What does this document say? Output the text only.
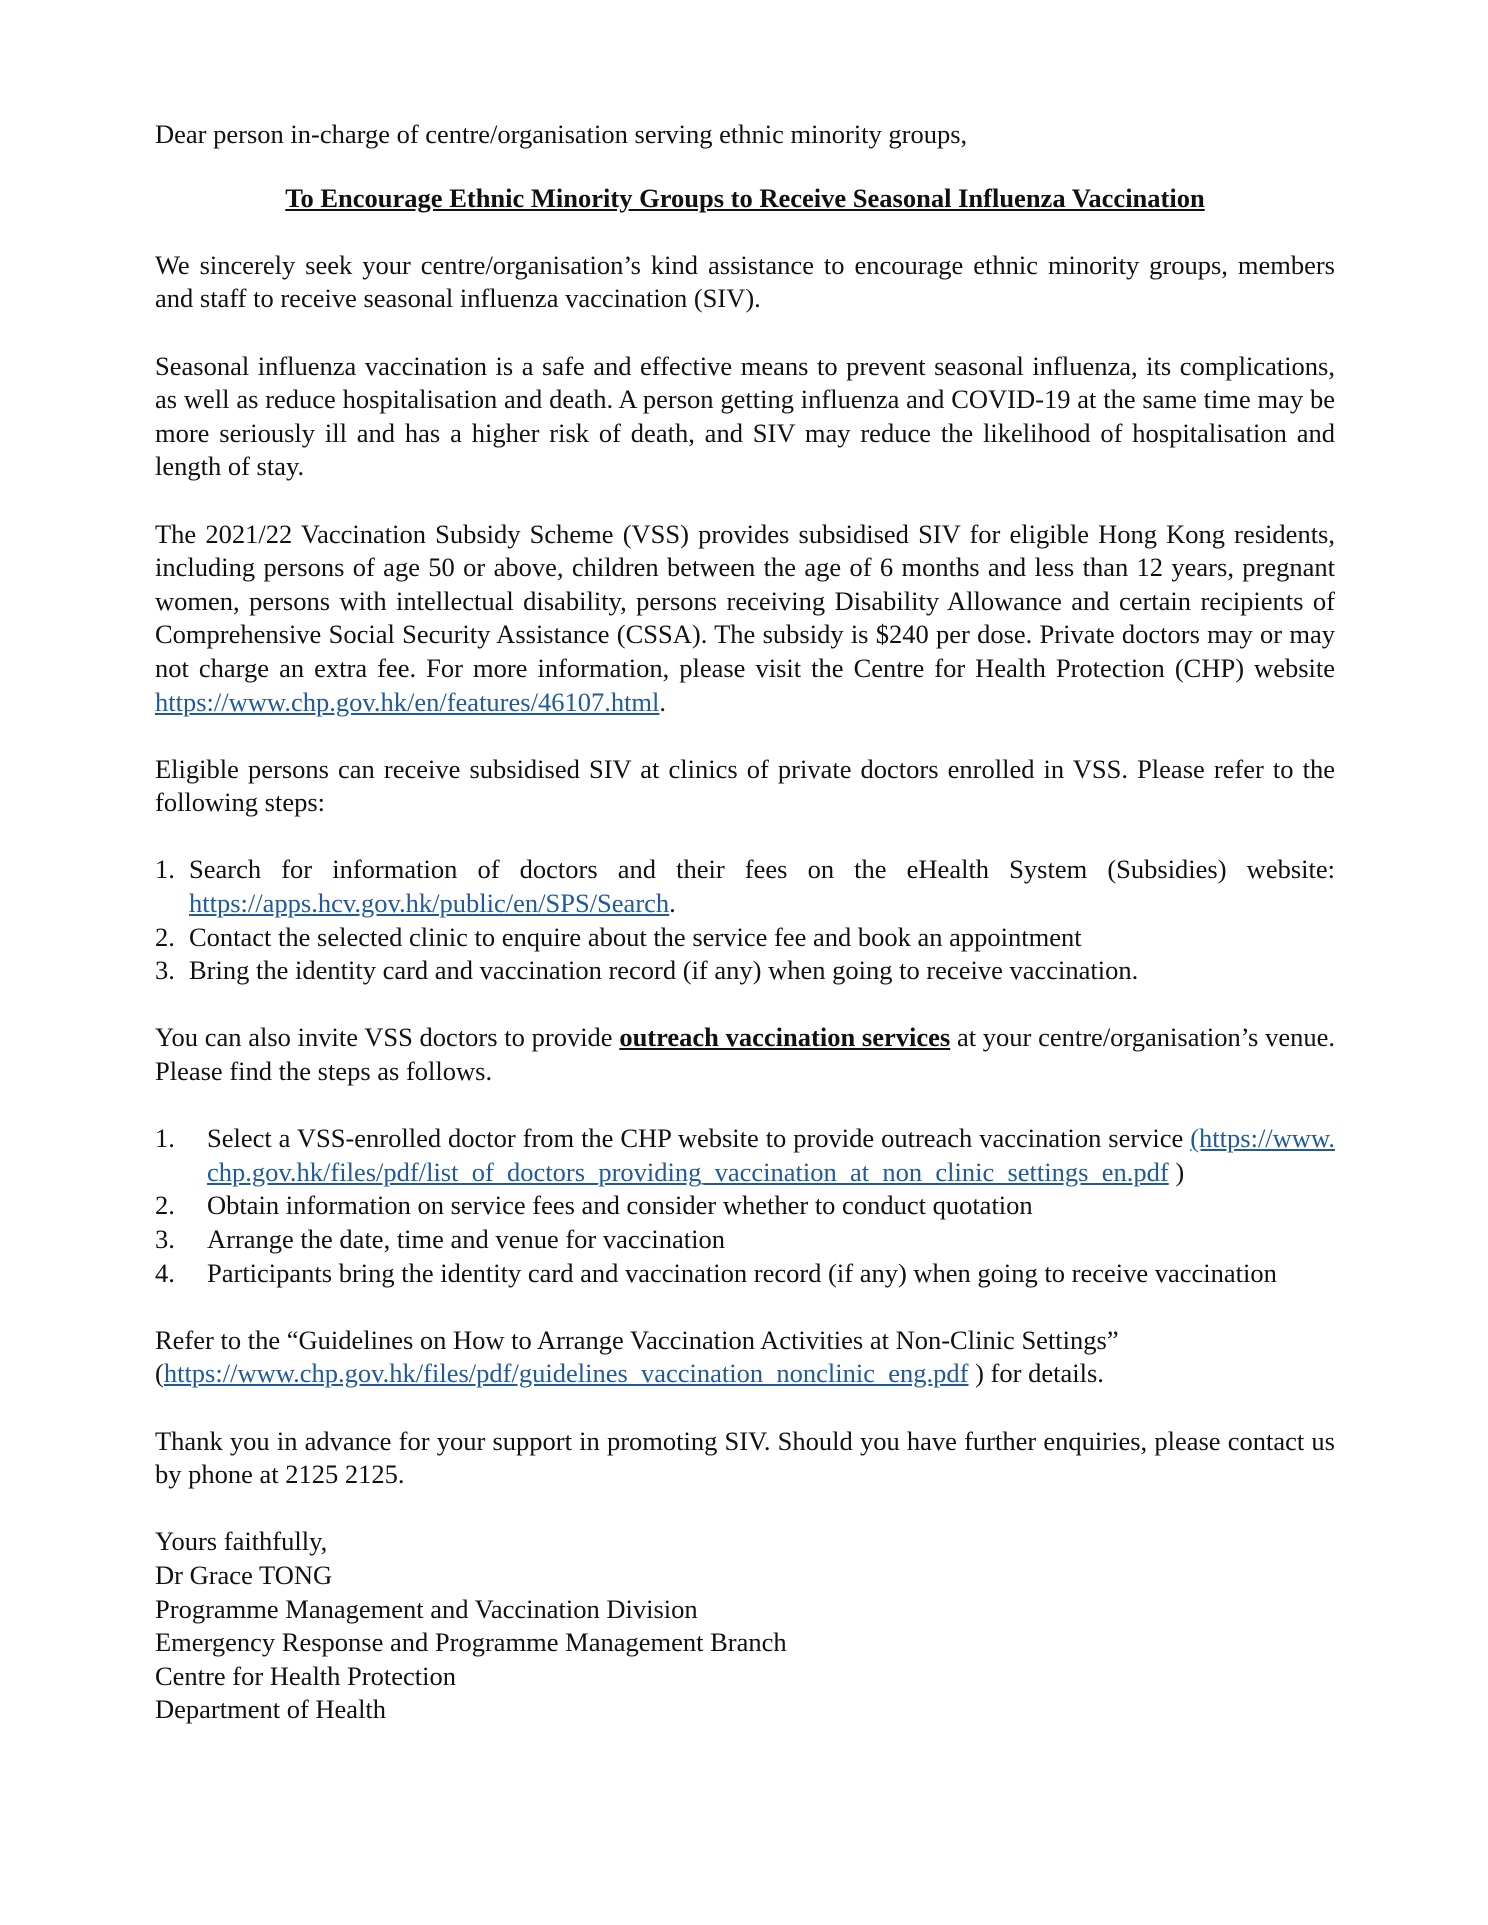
Dear person in-charge of centre/organisation serving ethnic minority groups,

To Encourage Ethnic Minority Groups to Receive Seasonal Influenza Vaccination

We sincerely seek your centre/organisation’s kind assistance to encourage ethnic minority groups, members and staff to receive seasonal influenza vaccination (SIV).

Seasonal influenza vaccination is a safe and effective means to prevent seasonal influenza, its complications, as well as reduce hospitalisation and death. A person getting influenza and COVID-19 at the same time may be more seriously ill and has a higher risk of death, and SIV may reduce the likelihood of hospitalisation and length of stay.

The 2021/22 Vaccination Subsidy Scheme (VSS) provides subsidised SIV for eligible Hong Kong residents, including persons of age 50 or above, children between the age of 6 months and less than 12 years, pregnant women, persons with intellectual disability, persons receiving Disability Allowance and certain recipients of Comprehensive Social Security Assistance (CSSA). The subsidy is $240 per dose. Private doctors may or may not charge an extra fee. For more information, please visit the Centre for Health Protection (CHP) website https://www.chp.gov.hk/en/features/46107.html.

Eligible persons can receive subsidised SIV at clinics of private doctors enrolled in VSS. Please refer to the following steps:

1. Search for information of doctors and their fees on the eHealth System (Subsidies) website: https://apps.hcv.gov.hk/public/en/SPS/Search.
2. Contact the selected clinic to enquire about the service fee and book an appointment
3. Bring the identity card and vaccination record (if any) when going to receive vaccination.

You can also invite VSS doctors to provide outreach vaccination services at your centre/organisation’s venue. Please find the steps as follows.

1. Select a VSS-enrolled doctor from the CHP website to provide outreach vaccination service (https://www.chp.gov.hk/files/pdf/list_of_doctors_providing_vaccination_at_non_clinic_settings_en.pdf )
2. Obtain information on service fees and consider whether to conduct quotation
3. Arrange the date, time and venue for vaccination
4. Participants bring the identity card and vaccination record (if any) when going to receive vaccination

Refer to the “Guidelines on How to Arrange Vaccination Activities at Non-Clinic Settings”

(https://www.chp.gov.hk/files/pdf/guidelines_vaccination_nonclinic_eng.pdf ) for details.

Thank you in advance for your support in promoting SIV. Should you have further enquiries, please contact us by phone at 2125 2125.

Yours faithfully,

Dr Grace TONG

Programme Management and Vaccination Division

Emergency Response and Programme Management Branch

Centre for Health Protection

Department of Health
